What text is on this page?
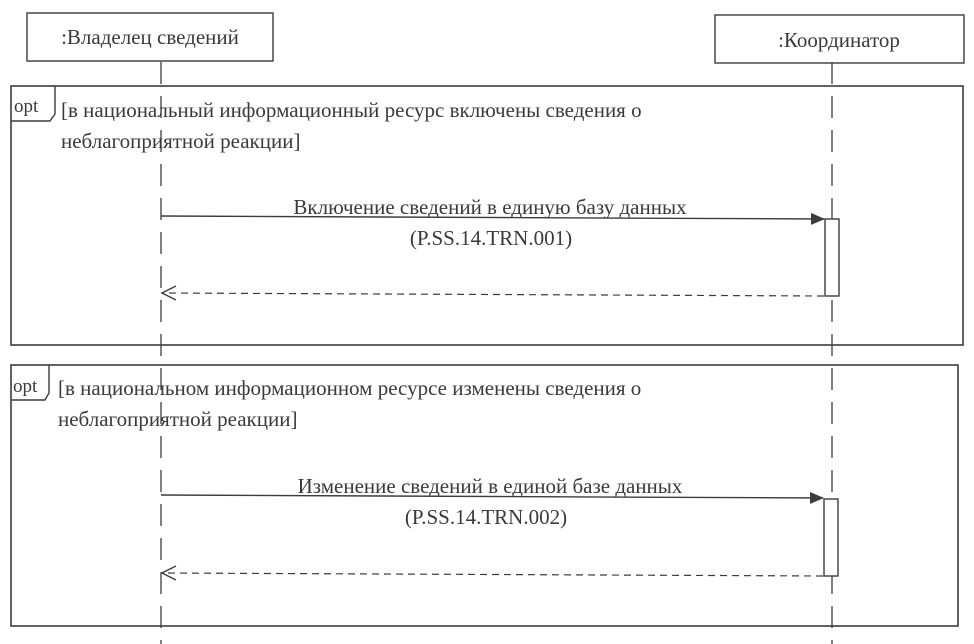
:Владелец сведений	:Координатор
opt [в национальный информационный ресурс включены сведения о
неблагоприятной реакции]
Включение сведений в единую базу данных
(P.SS.14.TRN.001)
opt [в национальном информационном ресурсе изменены сведения о
неблагоприятной реакции]
Изменение сведений в единой базе данных
(P.SS.14.TRN.002)
